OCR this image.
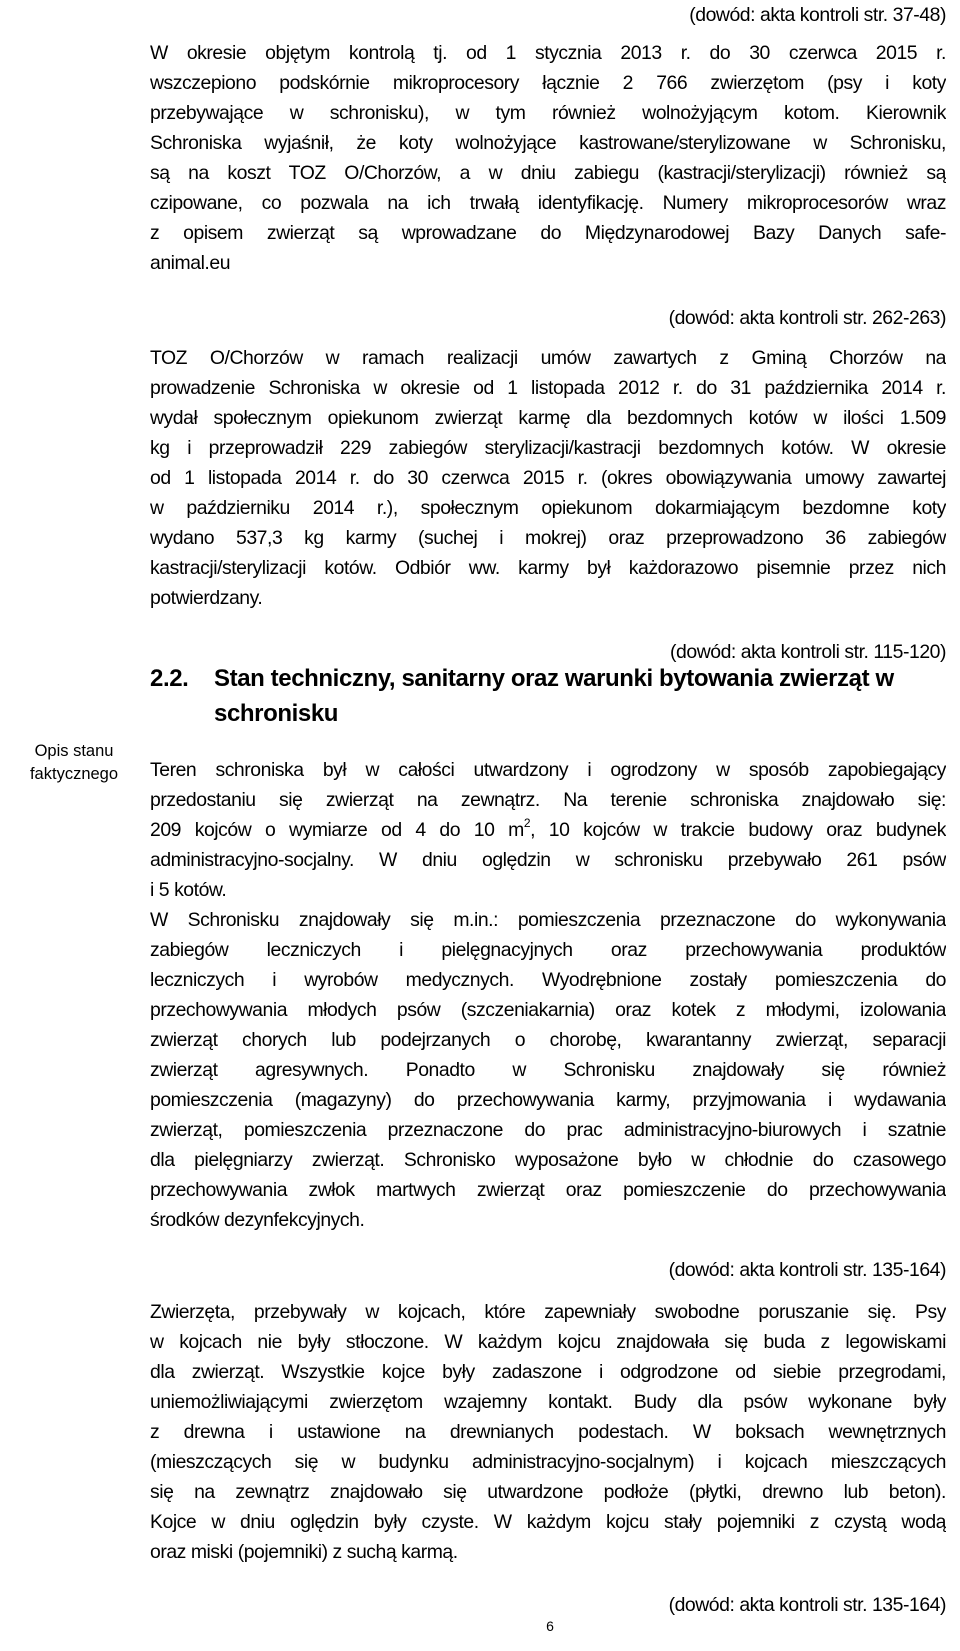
Opis stanu faktycznego
2.2. Stan techniczny, sanitarny oraz warunki bytowania zwierząt w
schronisku
6
(dowód: akta kontroli str. 37-48)
W okresie objętym kontrolą tj. od 1 stycznia 2013 r. do 30 czerwca 2015 r.
wszczepiono podskórnie mikroprocesory łącznie 2 766 zwierzętom (psy i koty
przebywające w schronisku), w tym również wolnożyjącym kotom. Kierownik
Schroniska wyjaśnił, że koty wolnożyjące kastrowane/sterylizowane w Schronisku,
są na koszt TOZ O/Chorzów, a w dniu zabiegu (kastracji/sterylizacji) również są
czipowane, co pozwala na ich trwałą identyfikację. Numery mikroprocesorów wraz
z opisem zwierząt są wprowadzane do Międzynarodowej Bazy Danych safe-
animal.eu
(dowód: akta kontroli str. 262-263)
TOZ O/Chorzów w ramach realizacji umów zawartych z Gminą Chorzów na
prowadzenie Schroniska w okresie od 1 listopada 2012 r. do 31 października 2014 r.
wydał społecznym opiekunom zwierząt karmę dla bezdomnych kotów w ilości 1.509
kg i przeprowadził 229 zabiegów sterylizacji/kastracji bezdomnych kotów. W okresie
od 1 listopada 2014 r. do 30 czerwca 2015 r. (okres obowiązywania umowy zawartej
w październiku 2014 r.), społecznym opiekunom dokarmiającym bezdomne koty
wydano 537,3 kg karmy (suchej i mokrej) oraz przeprowadzono 36 zabiegów
kastracji/sterylizacji kotów. Odbiór ww. karmy był każdorazowo pisemnie przez nich
potwierdzany.
(dowód: akta kontroli str. 115-120)
Teren schroniska był w całości utwardzony i ogrodzony w sposób zapobiegający
przedostaniu się zwierząt na zewnątrz. Na terenie schroniska znajdowało się:
209 kojców o wymiarze od 4 do 10 $m^2$, 10 kojców w trakcie budowy oraz budynek
administracyjno-socjalny. W dniu oględzin w schronisku przebywało 261 psów
i 5 kotów.
W Schronisku znajdowały się m.in.: pomieszczenia przeznaczone do wykonywania
zabiegów leczniczych i pielęgnacyjnych oraz przechowywania produktów
leczniczych i wyrobów medycznych. Wyodrębnione zostały pomieszczenia do
przechowywania młodych psów (szczeniakarnia) oraz kotek z młodymi, izolowania
zwierząt chorych lub podejrzanych o chorobę, kwarantanny zwierząt, separacji
zwierząt agresywnych. Ponadto w Schronisku znajdowały się również
pomieszczenia (magazyny) do przechowywania karmy, przyjmowania i wydawania
zwierząt, pomieszczenia przeznaczone do prac administracyjno-biurowych i szatnie
dla pielęgniarzy zwierząt. Schronisko wyposażone było w chłodnie do czasowego
przechowywania zwłok martwych zwierząt oraz pomieszczenie do przechowywania
środków dezynfekcyjnych.
(dowód: akta kontroli str. 135-164)
Zwierzęta, przebywały w kojcach, które zapewniały swobodne poruszanie się. Psy
w kojcach nie były stłoczone. W każdym kojcu znajdowała się buda z legowiskami
dla zwierząt. Wszystkie kojce były zadaszone i odgrodzone od siebie przegrodami,
uniemożliwiającymi zwierzętom wzajemny kontakt. Budy dla psów wykonane były
z drewna i ustawione na drewnianych podestach. W boksach wewnętrznych
(mieszczących się w budynku administracyjno-socjalnym) i kojcach mieszczących
się na zewnątrz znajdowało się utwardzone podłoże (płytki, drewno lub beton).
Kojce w dniu oględzin były czyste. W każdym kojcu stały pojemniki z czystą wodą
oraz miski (pojemniki) z suchą karmą.
(dowód: akta kontroli str. 135-164)
